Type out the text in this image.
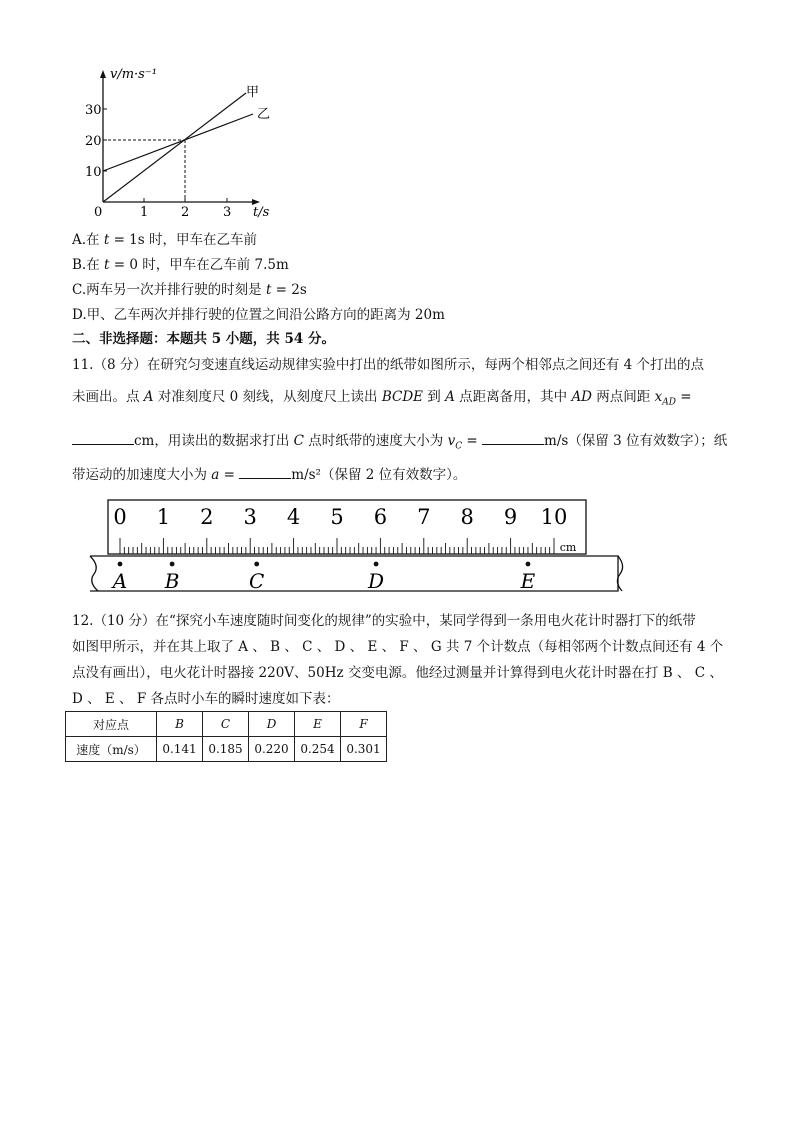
v/m·s⁻¹
30
20
10
0	1	2	3 t/s
甲
乙
A.在 t = 1s 时，甲车在乙车前
B.在 t = 0 时，甲车在乙车前 7.5m
C.两车另一次并排行驶的时刻是 t = 2s
D.甲、乙车两次并排行驶的位置之间沿公路方向的距离为 20m
二、非选择题：本题共 5 小题，共 54 分。
11.（8 分）在研究匀变速直线运动规律实验中打出的纸带如图所示，每两个相邻点之间还有 4 个打出的点
未画出。点 A 对准刻度尺 0 刻线，从刻度尺上读出 BCDE 到 A 点距离备用，其中 AD 两点间距 $x_{AD}$ =
cm，用读出的数据求打出 C 点时纸带的速度大小为 $v_C$ =	m/s（保留 3 位有效数字）；纸
带运动的加速度大小为 a =	m/s²（保留 2 位有效数字）。
0 1 2 3 4 5 6 7 8 9 10
cm
A B	C	D	E
12.（10 分）在“探究小车速度随时间变化的规律”的实验中，某同学得到一条用电火花计时器打下的纸带
如图甲所示，并在其上取了 A 、 B 、 C 、 D 、 E 、 F 、 G 共 7 个计数点（每相邻两个计数点间还有 4 个
点没有画出），电火花计时器接 220V、50Hz 交变电源。他经过测量并计算得到电火花计时器在打 B 、 C 、
D 、 E 、 F 各点时小车的瞬时速度如下表：
对应点	B	C	D	E	F
速度（m/s）	0.141	0.185	0.220	0.254	0.301
